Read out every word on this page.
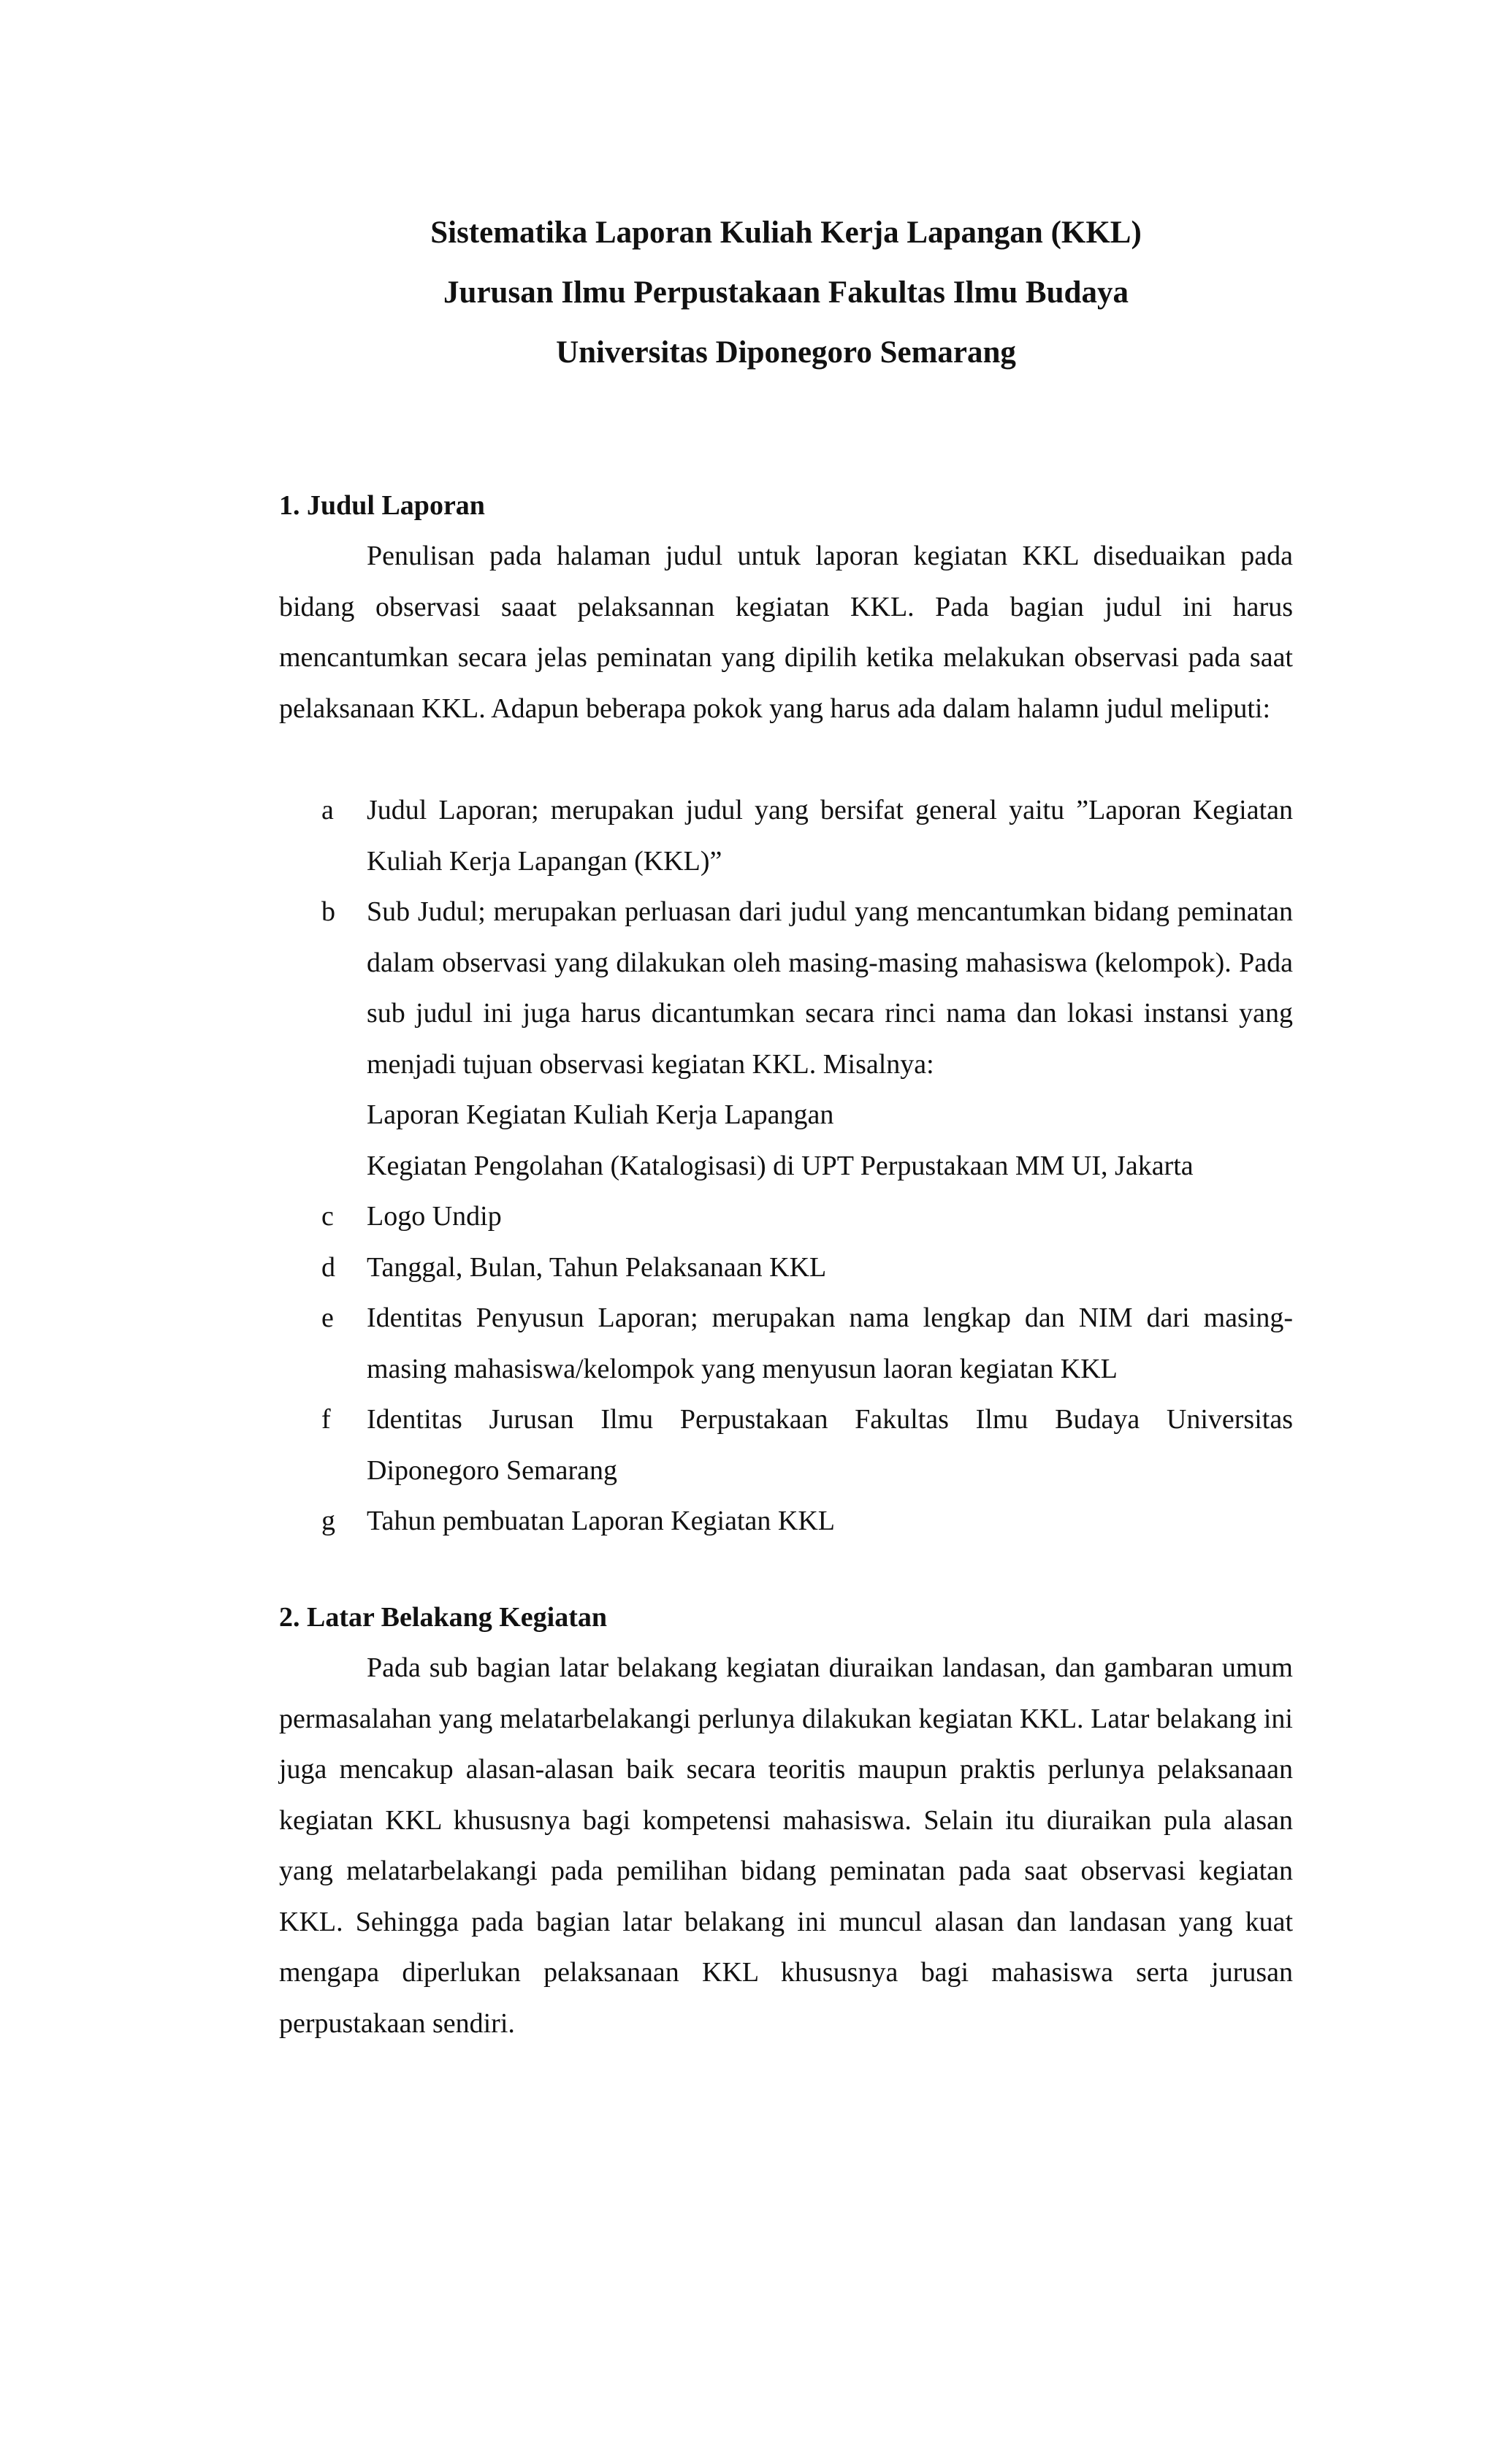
Sistematika Laporan Kuliah Kerja Lapangan (KKL)
Jurusan Ilmu Perpustakaan Fakultas Ilmu Budaya
Universitas Diponegoro Semarang
1. Judul Laporan

Penulisan pada halaman judul untuk laporan kegiatan KKL diseduaikan pada bidang observasi saaat pelaksannan kegiatan KKL. Pada bagian judul ini harus mencantumkan secara jelas peminatan yang dipilih ketika melakukan observasi pada saat pelaksanaan KKL. Adapun beberapa pokok yang harus ada dalam halamn judul meliputi:

a Judul Laporan; merupakan judul yang bersifat general yaitu ”Laporan Kegiatan Kuliah Kerja Lapangan (KKL)”
b Sub Judul; merupakan perluasan dari judul yang mencantumkan bidang peminatan dalam observasi yang dilakukan oleh masing-masing mahasiswa (kelompok). Pada sub judul ini juga harus dicantumkan secara rinci nama dan lokasi instansi yang menjadi tujuan observasi kegiatan KKL. Misalnya:
Laporan Kegiatan Kuliah Kerja Lapangan
Kegiatan Pengolahan (Katalogisasi) di UPT Perpustakaan MM UI, Jakarta
c Logo Undip
d Tanggal, Bulan, Tahun Pelaksanaan KKL
e Identitas Penyusun Laporan; merupakan nama lengkap dan NIM dari masing-masing mahasiswa/kelompok yang menyusun laoran kegiatan KKL
f Identitas Jurusan Ilmu Perpustakaan Fakultas Ilmu Budaya Universitas Diponegoro Semarang
g Tahun pembuatan Laporan Kegiatan KKL
2. Latar Belakang Kegiatan

Pada sub bagian latar belakang kegiatan diuraikan landasan, dan gambaran umum permasalahan yang melatarbelakangi perlunya dilakukan kegiatan KKL. Latar belakang ini juga mencakup alasan-alasan baik secara teoritis maupun praktis perlunya pelaksanaan kegiatan KKL khususnya bagi kompetensi mahasiswa. Selain itu diuraikan pula alasan yang melatarbelakangi pada pemilihan bidang peminatan pada saat observasi kegiatan KKL. Sehingga pada bagian latar belakang ini muncul alasan dan landasan yang kuat mengapa diperlukan pelaksanaan KKL khususnya bagi mahasiswa serta jurusan perpustakaan sendiri.
